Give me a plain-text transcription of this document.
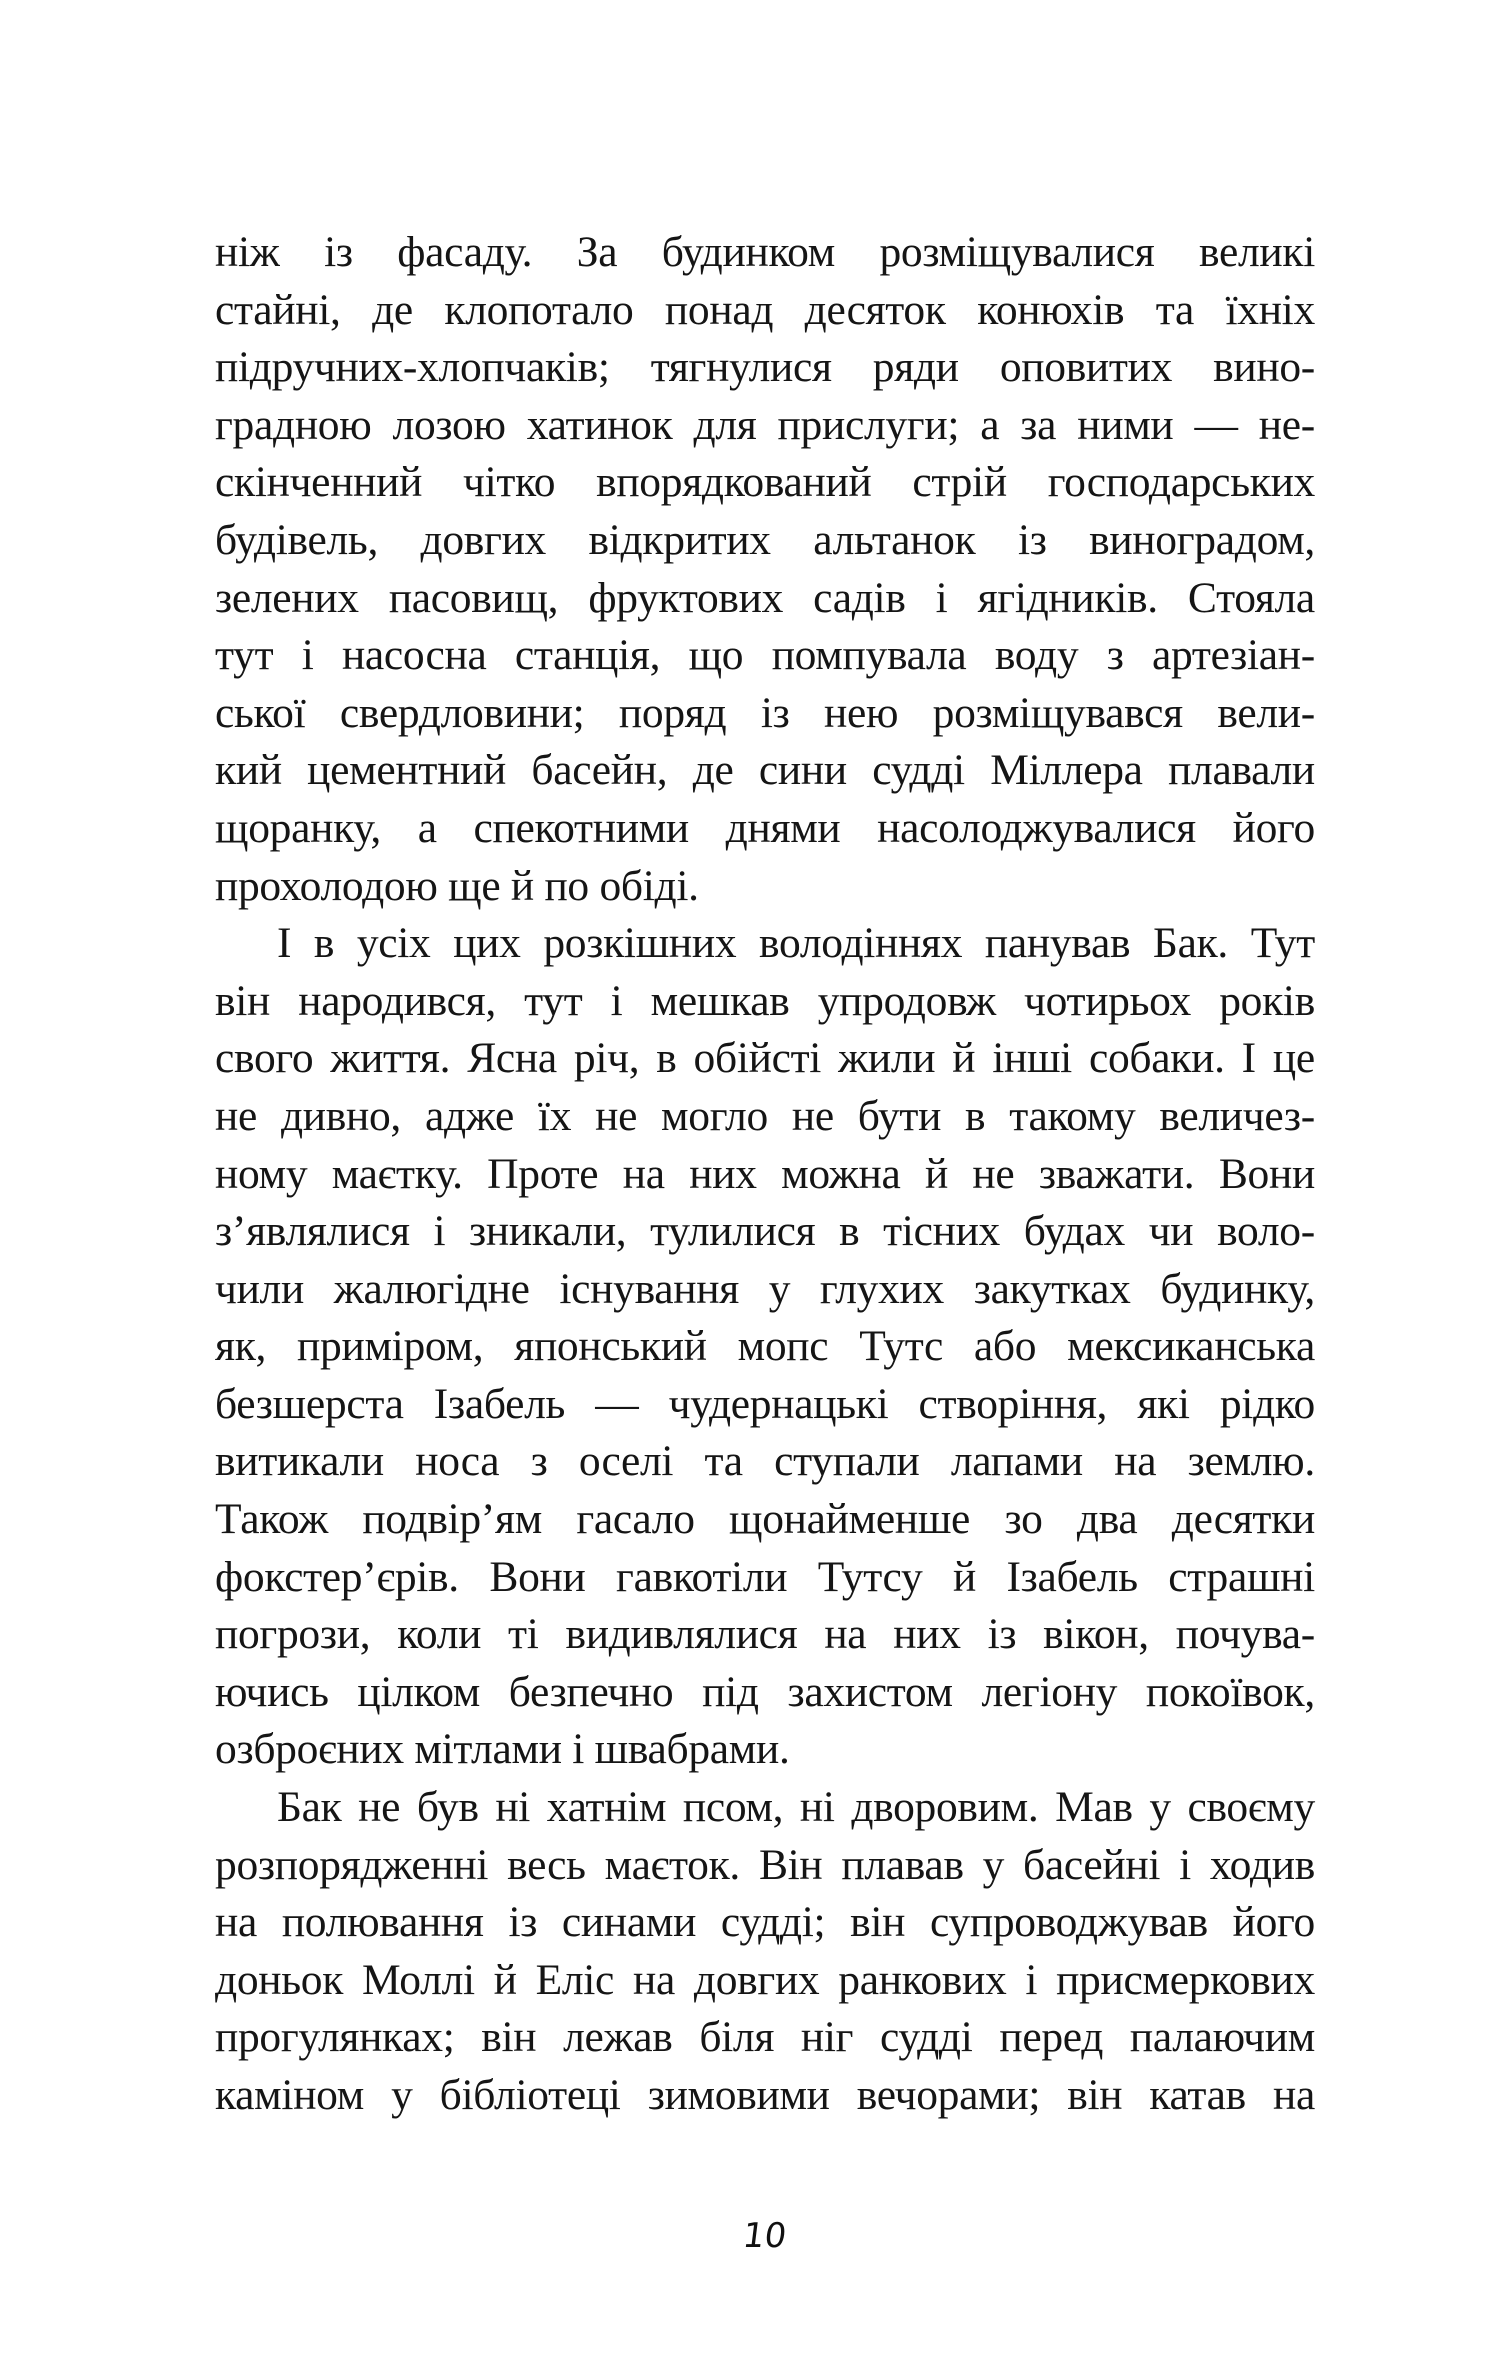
ніж із фасаду. За будинком розміщувалися великі
стайні, де клопотало понад десяток конюхів та їхніх
підручних-хлопчаків; тягнулися ряди оповитих вино-
градною лозою хатинок для прислуги; а за ними — не-
скінченний чітко впорядкований стрій господарських
будівель, довгих відкритих альтанок із виноградом,
зелених пасовищ, фруктових садів і ягідників. Стояла
тут і насосна станція, що помпувала воду з артезіан-
ської свердловини; поряд із нею розміщувався вели-
кий цементний басейн, де сини судді Міллера плавали
щоранку, а спекотними днями насолоджувалися його
прохолодою ще й по обіді.
І в усіх цих розкішних володіннях панував Бак. Тут
він народився, тут і мешкав упродовж чотирьох років
свого життя. Ясна річ, в обійсті жили й інші собаки. І це
не дивно, адже їх не могло не бути в такому величез-
ному маєтку. Проте на них можна й не зважати. Вони
з’являлися і зникали, тулилися в тісних будах чи воло-
чили жалюгідне існування у глухих закутках будинку,
як, приміром, японський мопс Тутс або мексиканська
безшерста Ізабель — чудернацькі створіння, які рідко
витикали носа з оселі та ступали лапами на землю.
Також подвір’ям гасало щонайменше зо два десятки
фокстер’єрів. Вони гавкотіли Тутсу й Ізабель страшні
погрози, коли ті видивлялися на них із вікон, почува-
ючись цілком безпечно під захистом легіону покоївок,
озброєних мітлами і швабрами.
Бак не був ні хатнім псом, ні дворовим. Мав у своєму
розпорядженні весь маєток. Він плавав у басейні і ходив
на полювання із синами судді; він супроводжував його
доньок Моллі й Еліс на довгих ранкових і присмеркових
прогулянках; він лежав біля ніг судді перед палаючим
каміном у бібліотеці зимовими вечорами; він катав на
10
